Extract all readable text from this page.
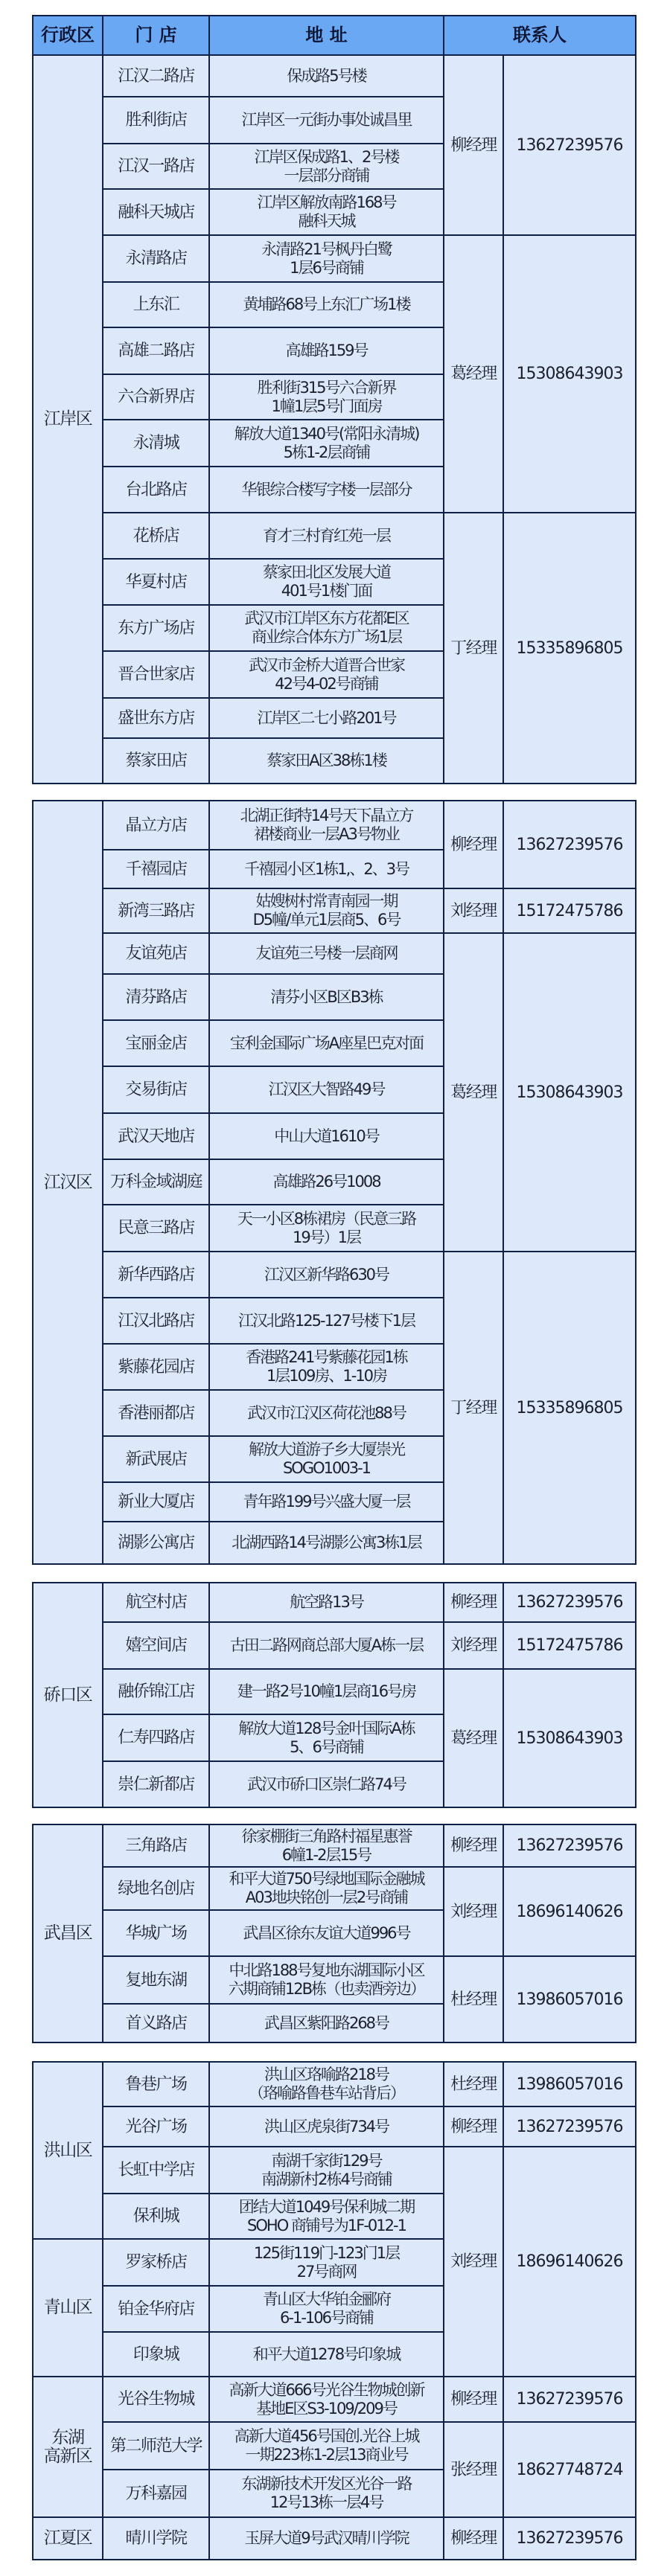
行政区	门 店	地 址	联系人	
江岸区	江汉二路店	保成路5号楼	柳经理	13627239576
	胜利街店	江岸区一元街办事处诚昌里		

	江汉一路店	江岸区保成路1、2号楼
一层部分商铺		

	融科天城店	江岸区解放南路168号
融科天城		

	永清路店	永清路21号枫丹白鹭
1层6号商铺	葛经理	15308643903
	上东汇	黄埔路68号上东汇广场1楼		

	高雄二路店	高雄路159号		

	六合新界店	胜利街315号六合新界
1幢1层5号门面房		

	永清城	解放大道1340号(常阳永清城)
5栋1-2层商铺		

	台北路店	华银综合楼写字楼一层部分		

	花桥店	育才三村育红苑一层	丁经理	15335896805
	华夏村店	蔡家田北区发展大道
401号1楼门面		

	东方广场店	武汉市江岸区东方花都E区
商业综合体东方广场1层		

	晋合世家店	武汉市金桥大道晋合世家
42号4-02号商铺		

	盛世东方店	江岸区二七小路201号		

	蔡家田店	蔡家田A区38栋1楼		
江汉区	晶立方店	北湖正街特14号天下晶立方
裙楼商业一层A3号物业	柳经理	13627239576
	千禧园店	千禧园小区1栋1,、2、3号		

	新湾三路店	姑嫂树村常青南园一期
D5幢/单元1层商5、6号	刘经理	15172475786
	友谊苑店	友谊苑三号楼一层商网	葛经理	15308643903
	清芬路店	清芬小区B区B3栋		

	宝丽金店	宝利金国际广场A座星巴克对面		

	交易街店	江汉区大智路49号		

	武汉天地店	中山大道1610号		

	万科金域湖庭	高雄路26号1008		

	民意三路店	天一小区8栋裙房（民意三路
19号）1层		

	新华西路店	江汉区新华路630号	丁经理	15335896805
	江汉北路店	江汉北路125-127号楼下1层		

	紫藤花园店	香港路241号紫藤花园1栋
1层109房、1-10房		

	香港丽都店	武汉市江汉区荷花池88号		

	新武展店	解放大道游子乡大厦崇光
SOGO1003-1		

	新业大厦店	青年路199号兴盛大厦一层		

	湖影公寓店	北湖西路14号湖影公寓3栋1层		
硚口区	航空村店	航空路13号	柳经理	13627239576
	嬉空间店	古田二路网商总部大厦A栋一层	刘经理	15172475786
	融侨锦江店	建一路2号10幢1层商16号房	葛经理	15308643903
	仁寿四路店	解放大道128号金叶国际A栋
5、6号商铺		

	崇仁新都店	武汉市硚口区崇仁路74号		
武昌区	三角路店	徐家棚街三角路村福星惠誉
6幢1-2层15号	柳经理	13627239576
	绿地名创店	和平大道750号绿地国际金融城
A03地块铭创一层2号商铺	刘经理	18696140626
	华城广场	武昌区徐东友谊大道996号		

	复地东湖	中北路188号复地东湖国际小区
六期商铺12B栋（也卖酒旁边）	杜经理	13986057016
	首义路店	武昌区紫阳路268号		
洪山区	鲁巷广场	洪山区珞喻路218号
（珞喻路鲁巷车站背后）	杜经理	13986057016
	光谷广场	洪山区虎泉街734号	柳经理	13627239576
	长虹中学店	南湖千家街129号
南湖新村2栋4号商铺	刘经理	18696140626
	保利城	团结大道1049号保利城二期
SOHO 商铺号为1F-012-1		

青山区	罗家桥店	125街119门-123门1层
27号商网		

	铂金华府店	青山区大华铂金郦府
6-1-106号商铺		

	印象城	和平大道1278号印象城		

东湖
高新区	光谷生物城	高新大道666号光谷生物城创新
基地E区S3-109/209号	柳经理	13627239576
	第二师范大学	高新大道456号国创.光谷上城
一期223栋1-2层13商业号	张经理	18627748724
	万科嘉园	东湖新技术开发区光谷一路
12号13栋一层4号		

江夏区	晴川学院	玉屏大道9号武汉晴川学院	柳经理	13627239576
